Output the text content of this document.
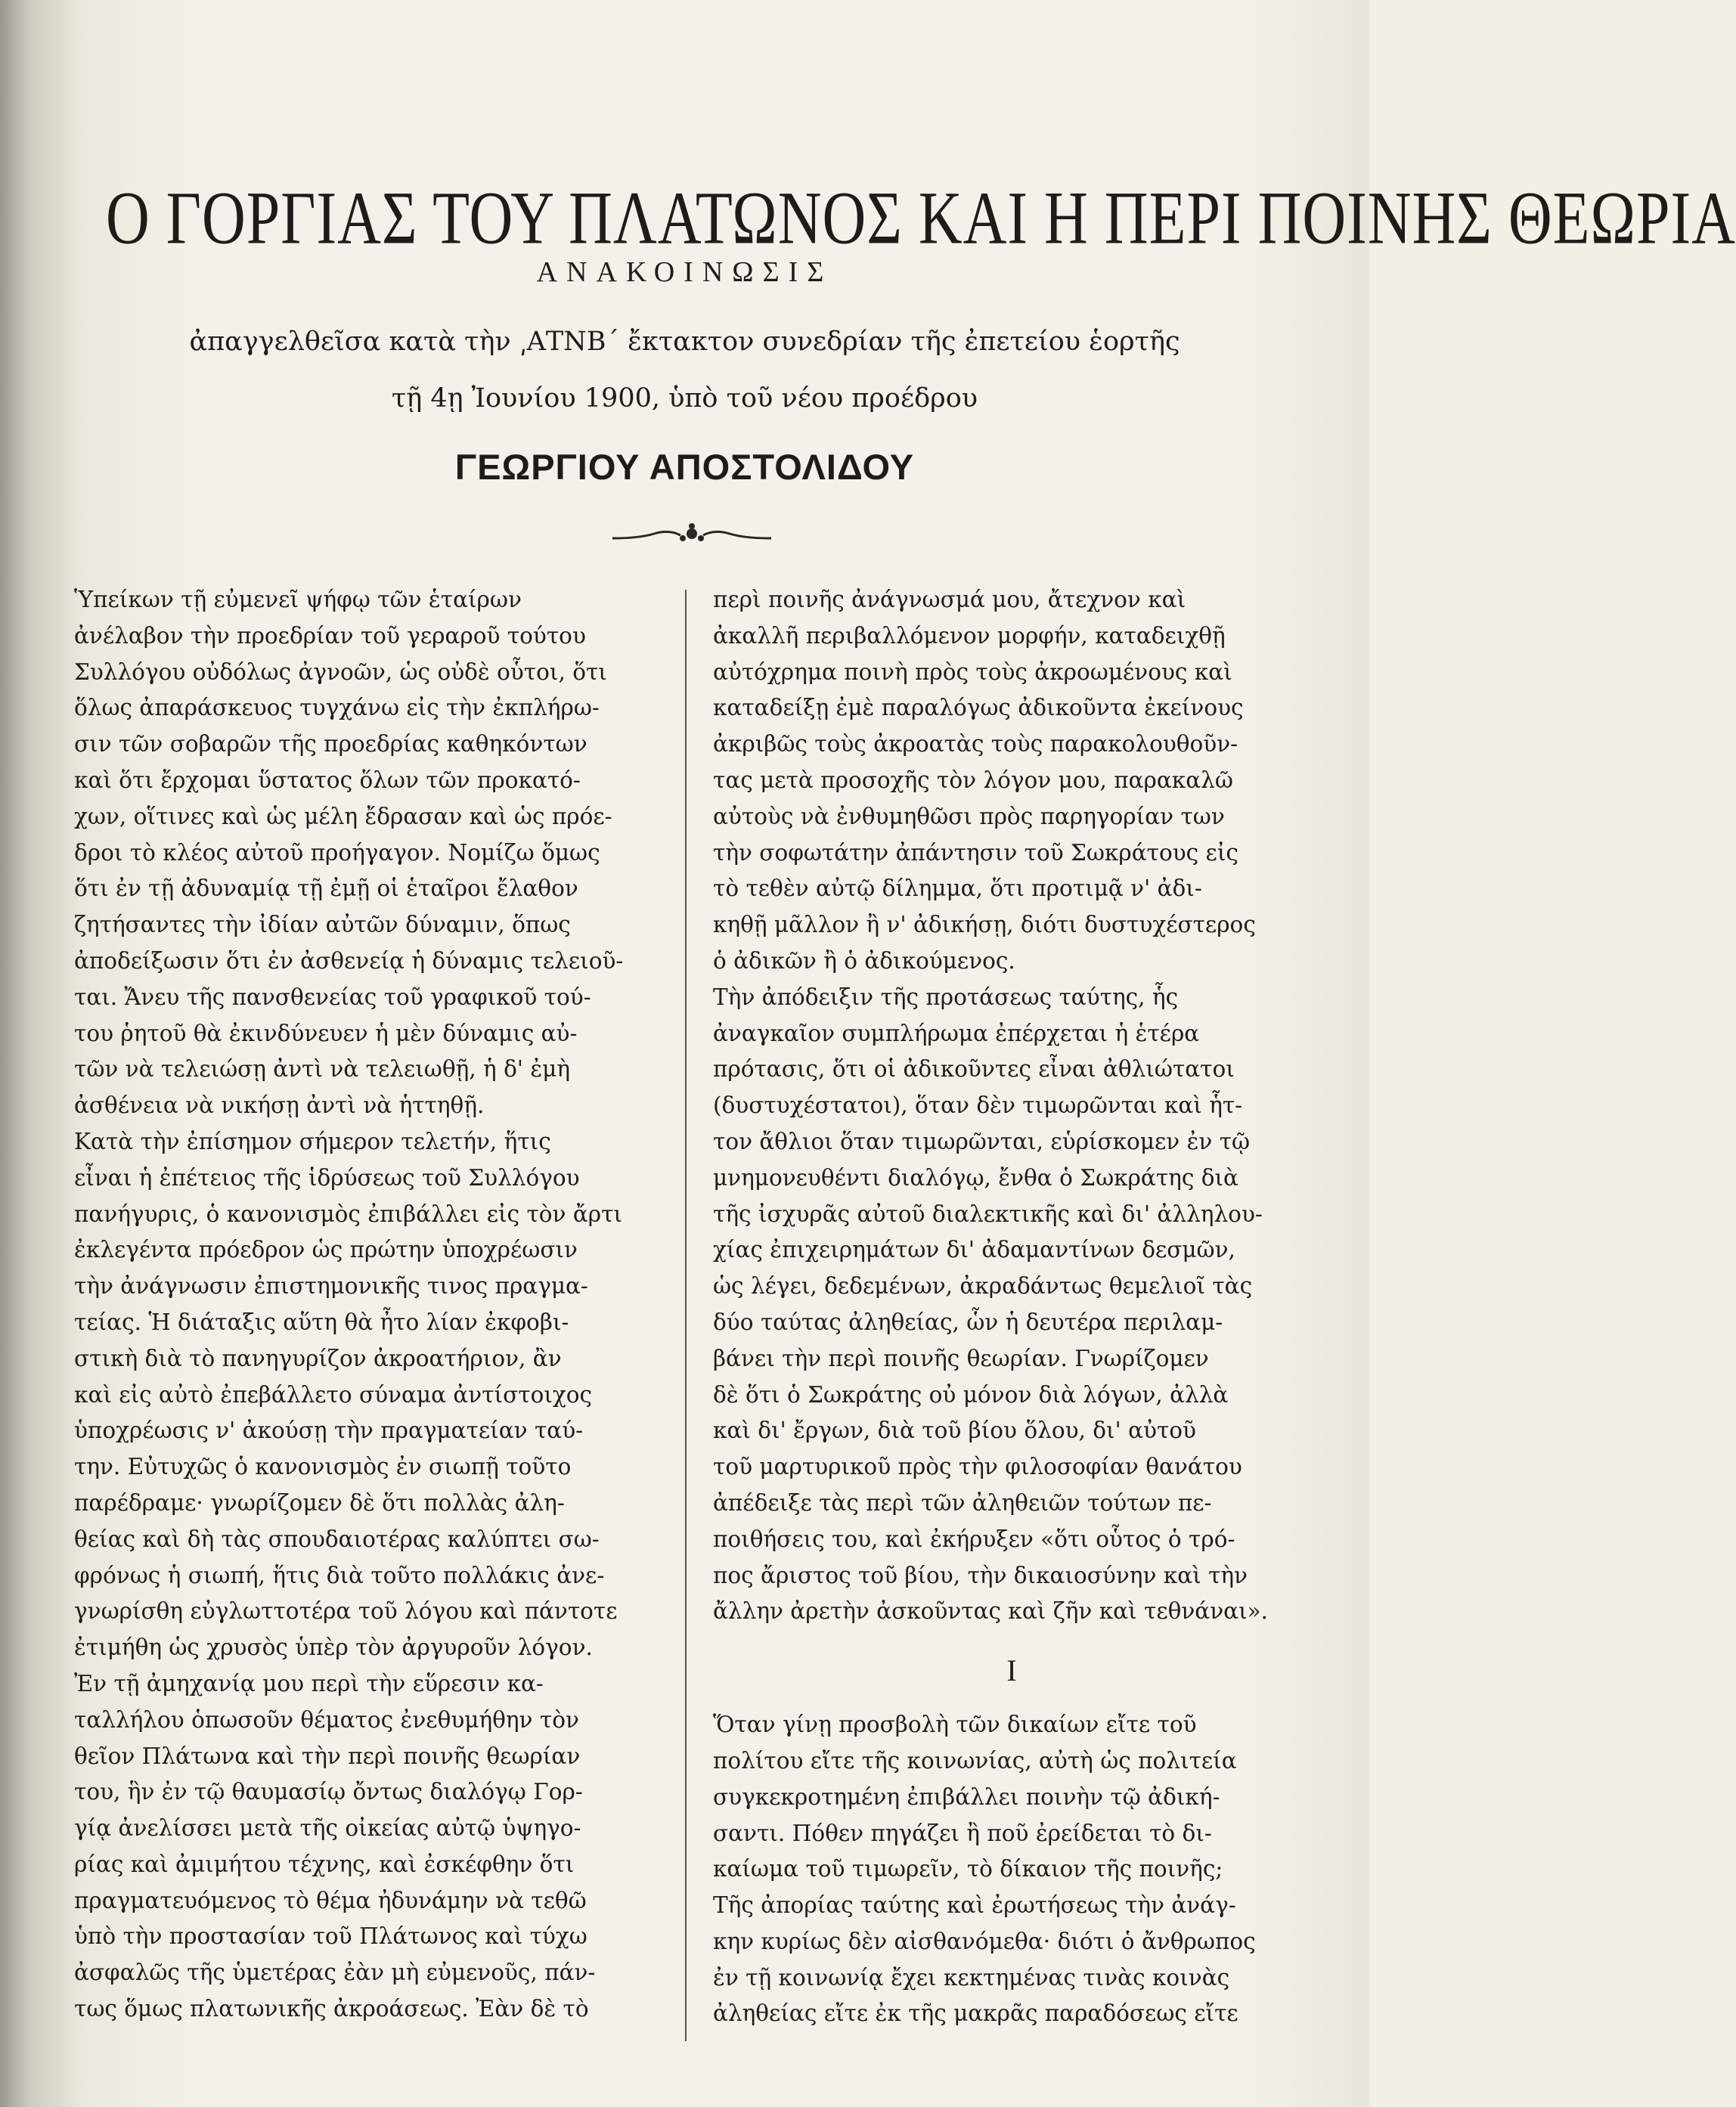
Ο ΓΟΡΓΙΑΣ ΤΟΥ ΠΛΑΤΩΝΟΣ ΚΑΙ Η ΠΕΡΙ ΠΟΙΝΗΣ ΘΕΩΡΙΑ
ΑΝΑΚΟΙΝΩΣΙΣ
ἀπαγγελθεῖσα κατὰ τὴν ͵ΑΤΝΒ΄ ἔκτακτον συνεδρίαν τῆς ἐπετείου ἑορτῆς
τῇ 4ῃ Ἰουνίου 1900, ὑπὸ τοῦ νέου προέδρου
ΓΕΩΡΓΙΟΥ ΑΠΟΣΤΟΛΙΔΟΥ

Ὑπείκων τῇ εὐμενεῖ ψήφῳ τῶν ἑταίρων
ἀνέλαβον τὴν προεδρίαν τοῦ γεραροῦ τούτου
Συλλόγου οὐδόλως ἀγνοῶν, ὡς οὐδὲ οὗτοι, ὅτι
ὅλως ἀπαράσκευος τυγχάνω εἰς τὴν ἐκπλήρω-
σιν τῶν σοβαρῶν τῆς προεδρίας καθηκόντων
καὶ ὅτι ἔρχομαι ὕστατος ὅλων τῶν προκατό-
χων, οἵτινες καὶ ὡς μέλη ἔδρασαν καὶ ὡς πρόε-
δροι τὸ κλέος αὐτοῦ προήγαγον. Νομίζω ὅμως
ὅτι ἐν τῇ ἀδυναμίᾳ τῇ ἐμῇ οἱ ἑταῖροι ἔλαθον
ζητήσαντες τὴν ἰδίαν αὐτῶν δύναμιν, ὅπως
ἀποδείξωσιν ὅτι ἐν ἀσθενείᾳ ἡ δύναμις τελειοῦ-
ται. Ἄνευ τῆς πανσθενείας τοῦ γραφικοῦ τού-
του ῥητοῦ θὰ ἐκινδύνευεν ἡ μὲν δύναμις αὐ-
τῶν νὰ τελειώσῃ ἀντὶ νὰ τελειωθῇ, ἡ δ' ἐμὴ
ἀσθένεια νὰ νικήσῃ ἀντὶ νὰ ἡττηθῇ.

Κατὰ τὴν ἐπίσημον σήμερον τελετήν, ἥτις
εἶναι ἡ ἐπέτειος τῆς ἱδρύσεως τοῦ Συλλόγου
πανήγυρις, ὁ κανονισμὸς ἐπιβάλλει εἰς τὸν ἄρτι
ἐκλεγέντα πρόεδρον ὡς πρώτην ὑποχρέωσιν
τὴν ἀνάγνωσιν ἐπιστημονικῆς τινος πραγμα-
τείας. Ἡ διάταξις αὕτη θὰ ἦτο λίαν ἐκφοβι-
στικὴ διὰ τὸ πανηγυρίζον ἀκροατήριον, ἂν
καὶ εἰς αὐτὸ ἐπεβάλλετο σύναμα ἀντίστοιχος
ὑποχρέωσις ν' ἀκούσῃ τὴν πραγματείαν ταύ-
την. Εὐτυχῶς ὁ κανονισμὸς ἐν σιωπῇ τοῦτο
παρέδραμε· γνωρίζομεν δὲ ὅτι πολλὰς ἀλη-
θείας καὶ δὴ τὰς σπουδαιοτέρας καλύπτει σω-
φρόνως ἡ σιωπή, ἥτις διὰ τοῦτο πολλάκις ἀνε-
γνωρίσθη εὐγλωττοτέρα τοῦ λόγου καὶ πάντοτε
ἐτιμήθη ὡς χρυσὸς ὑπὲρ τὸν ἀργυροῦν λόγον.

Ἐν τῇ ἀμηχανίᾳ μου περὶ τὴν εὕρεσιν κα-
ταλλήλου ὁπωσοῦν θέματος ἐνεθυμήθην τὸν
θεῖον Πλάτωνα καὶ τὴν περὶ ποινῆς θεωρίαν
του, ἣν ἐν τῷ θαυμασίῳ ὄντως διαλόγῳ Γορ-
γίᾳ ἀνελίσσει μετὰ τῆς οἰκείας αὐτῷ ὑψηγο-
ρίας καὶ ἀμιμήτου τέχνης, καὶ ἐσκέφθην ὅτι
πραγματευόμενος τὸ θέμα ἠδυνάμην νὰ τεθῶ
ὑπὸ τὴν προστασίαν τοῦ Πλάτωνος καὶ τύχω
ἀσφαλῶς τῆς ὑμετέρας ἐὰν μὴ εὐμενοῦς, πάν-
τως ὅμως πλατωνικῆς ἀκροάσεως. Ἐὰν δὲ τὸ

περὶ ποινῆς ἀνάγνωσμά μου, ἄτεχνον καὶ
ἀκαλλῆ περιβαλλόμενον μορφήν, καταδειχθῇ
αὐτόχρημα ποινὴ πρὸς τοὺς ἀκροωμένους καὶ
καταδείξῃ ἐμὲ παραλόγως ἀδικοῦντα ἐκείνους
ἀκριβῶς τοὺς ἀκροατὰς τοὺς παρακολουθοῦν-
τας μετὰ προσοχῆς τὸν λόγον μου, παρακαλῶ
αὐτοὺς νὰ ἐνθυμηθῶσι πρὸς παρηγορίαν των
τὴν σοφωτάτην ἀπάντησιν τοῦ Σωκράτους εἰς
τὸ τεθὲν αὐτῷ δίλημμα, ὅτι προτιμᾷ ν' ἀδι-
κηθῇ μᾶλλον ἢ ν' ἀδικήσῃ, διότι δυστυχέστερος
ὁ ἀδικῶν ἢ ὁ ἀδικούμενος.

Τὴν ἀπόδειξιν τῆς προτάσεως ταύτης, ἧς
ἀναγκαῖον συμπλήρωμα ἐπέρχεται ἡ ἑτέρα
πρότασις, ὅτι οἱ ἀδικοῦντες εἶναι ἀθλιώτατοι
(δυστυχέστατοι), ὅταν δὲν τιμωρῶνται καὶ ἧτ-
τον ἄθλιοι ὅταν τιμωρῶνται, εὑρίσκομεν ἐν τῷ
μνημονευθέντι διαλόγῳ, ἔνθα ὁ Σωκράτης διὰ
τῆς ἰσχυρᾶς αὐτοῦ διαλεκτικῆς καὶ δι' ἀλληλου-
χίας ἐπιχειρημάτων δι' ἀδαμαντίνων δεσμῶν,
ὡς λέγει, δεδεμένων, ἀκραδάντως θεμελιοῖ τὰς
δύο ταύτας ἀληθείας, ὧν ἡ δευτέρα περιλαμ-
βάνει τὴν περὶ ποινῆς θεωρίαν. Γνωρίζομεν
δὲ ὅτι ὁ Σωκράτης οὐ μόνον διὰ λόγων, ἀλλὰ
καὶ δι' ἔργων, διὰ τοῦ βίου ὅλου, δι' αὐτοῦ
τοῦ μαρτυρικοῦ πρὸς τὴν φιλοσοφίαν θανάτου
ἀπέδειξε τὰς περὶ τῶν ἀληθειῶν τούτων πε-
ποιθήσεις του, καὶ ἐκήρυξεν «ὅτι οὗτος ὁ τρό-
πος ἄριστος τοῦ βίου, τὴν δικαιοσύνην καὶ τὴν
ἄλλην ἀρετὴν ἀσκοῦντας καὶ ζῆν καὶ τεθνάναι».

I

Ὅταν γίνῃ προσβολὴ τῶν δικαίων εἴτε τοῦ
πολίτου εἴτε τῆς κοινωνίας, αὐτὴ ὡς πολιτεία
συγκεκροτημένη ἐπιβάλλει ποινὴν τῷ ἀδική-
σαντι. Πόθεν πηγάζει ἢ ποῦ ἐρείδεται τὸ δι-
καίωμα τοῦ τιμωρεῖν, τὸ δίκαιον τῆς ποινῆς;
Τῆς ἀπορίας ταύτης καὶ ἐρωτήσεως τὴν ἀνάγ-
κην κυρίως δὲν αἰσθανόμεθα· διότι ὁ ἄνθρωπος
ἐν τῇ κοινωνίᾳ ἔχει κεκτημένας τινὰς κοινὰς
ἀληθείας εἴτε ἐκ τῆς μακρᾶς παραδόσεως εἴτε
